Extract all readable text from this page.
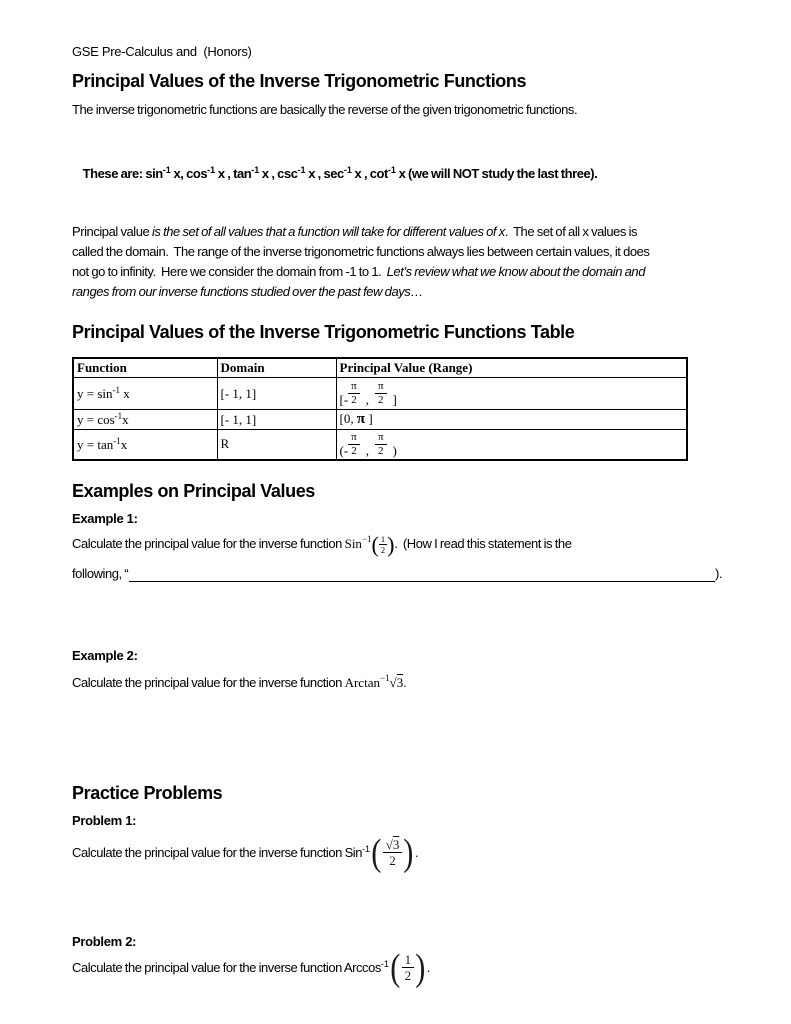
GSE Pre-Calculus and  (Honors)
Principal Values of the Inverse Trigonometric Functions
The inverse trigonometric functions are basically the reverse of the given trigonometric functions.

These are: $\sin^{-1} x$, $\cos^{-1} x$ , $\tan^{-1} x$ , $\csc^{-1} x$ , $\sec^{-1} x$ , $\cot^{-1} x$ (we will NOT study the last three).

Principal value is the set of all values that a function will take for different values of x.  The set of all x values is
called the domain.  The range of the inverse trigonometric functions always lies between certain values, it does
not go to infinity.  Here we consider the domain from -1 to 1.  Let’s review what we know about the domain and
ranges from our inverse functions studied over the past few days…
Principal Values of the Inverse Trigonometric Functions Table
Function	Domain	Principal Value (Range)
$y = \sin^{-1} x$	[- 1, 1]	[- $\frac{\pi}{2}$ , $\frac{\pi}{2}$ ]

$y = \cos^{-1}x$	[- 1, 1]	[0, π ]
$y = \tan^{-1}x$	R	(- $\frac{\pi}{2}$ , $\frac{\pi}{2}$ )
Examples on Principal Values
Example 1:
Calculate the principal value for the inverse function $Sin^{-1}( \frac{1}{2}$ ).  (How I read this statement is the
following, “	).
Example 2:
Calculate the principal value for the inverse function Arctan$^{-1}$√3.
Practice Problems
Problem 1:
Calculate the principal value for the inverse function Sin$^{-1}$ ( $\frac{√3}{2}$ ) .
Problem 2:
Calculate the principal value for the inverse function Arccos$^{-1}$ ( $\frac{1}{2}$ ) .
